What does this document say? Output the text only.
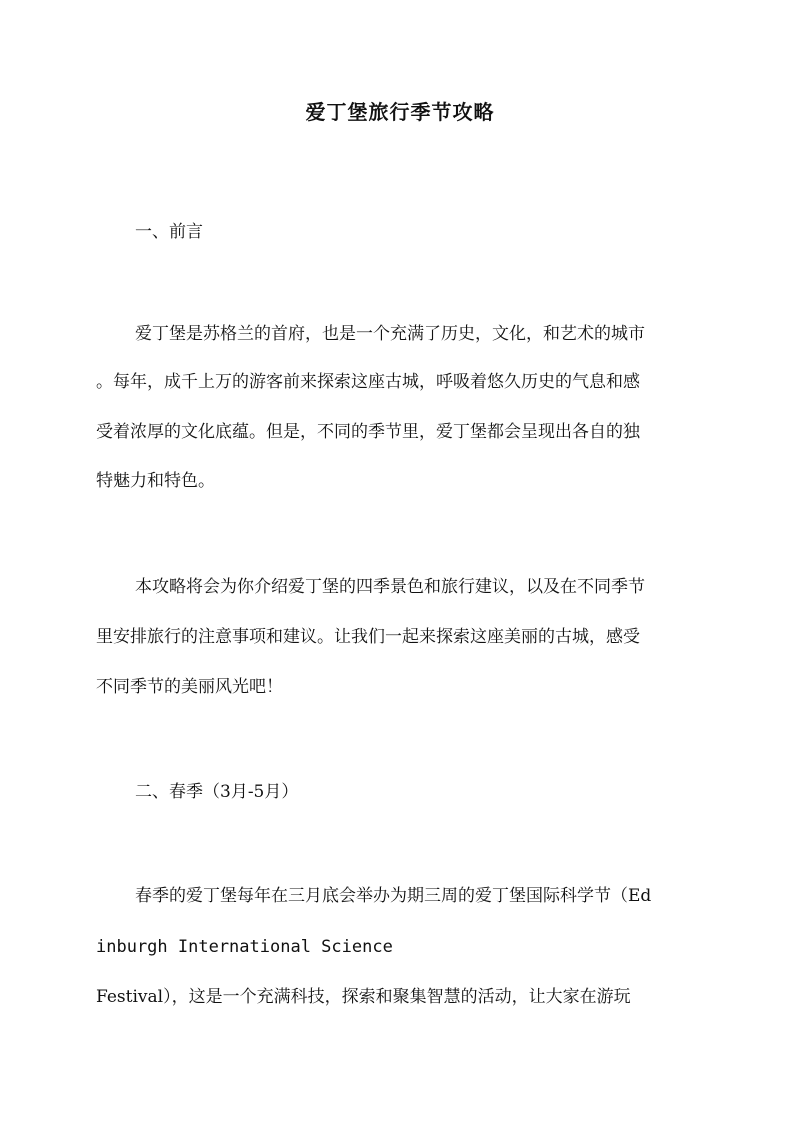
爱丁堡旅行季节攻略
一、前言

爱丁堡是苏格兰的首府，也是一个充满了历史，文化，和艺术的城市

。每年，成千上万的游客前来探索这座古城，呼吸着悠久历史的气息和感

受着浓厚的文化底蕴。但是，不同的季节里，爱丁堡都会呈现出各自的独

特魅力和特色。

本攻略将会为你介绍爱丁堡的四季景色和旅行建议，以及在不同季节

里安排旅行的注意事项和建议。让我们一起来探索这座美丽的古城，感受

不同季节的美丽风光吧！

二、春季（3月-5月）

春季的爱丁堡每年在三月底会举办为期三周的爱丁堡国际科学节（Ed

inburgh International Science

Festival），这是一个充满科技，探索和聚集智慧的活动，让大家在游玩
